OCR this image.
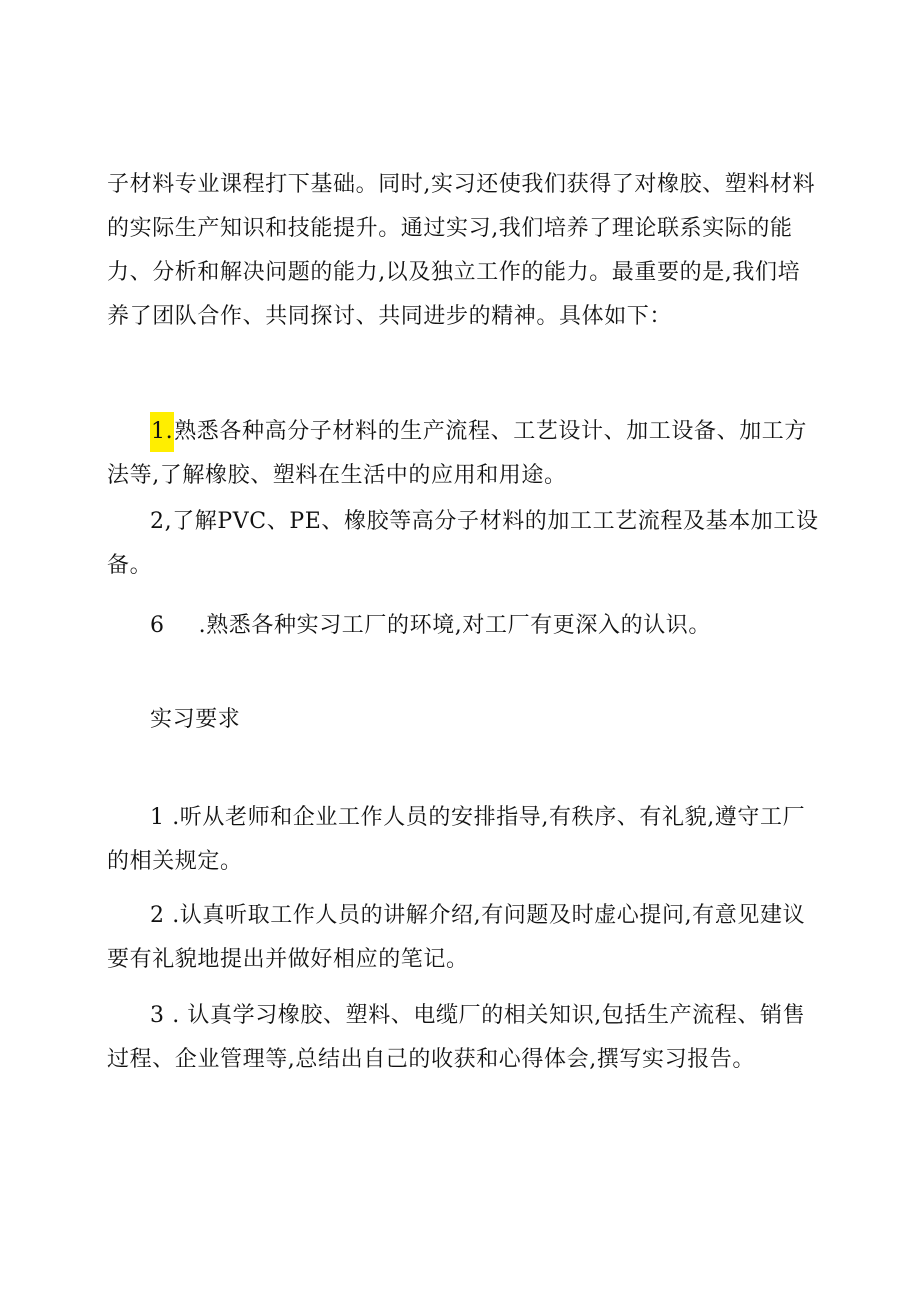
子材料专业课程打下基础。同时,实习还使我们获得了对橡胶、塑料材料的实际生产知识和技能提升。通过实习,我们培养了理论联系实际的能力、分析和解决问题的能力,以及独立工作的能力。最重要的是,我们培养了团队合作、共同探讨、共同进步的精神。具体如下：

1.熟悉各种高分子材料的生产流程、工艺设计、加工设备、加工方法等,了解橡胶、塑料在生活中的应用和用途。

2,了解PVC、PE、橡胶等高分子材料的加工工艺流程及基本加工设备。

6 .熟悉各种实习工厂的环境,对工厂有更深入的认识。

实习要求

1 .听从老师和企业工作人员的安排指导,有秩序、有礼貌,遵守工厂的相关规定。

2 .认真听取工作人员的讲解介绍,有问题及时虚心提问,有意见建议要有礼貌地提出并做好相应的笔记。

3 . 认真学习橡胶、塑料、电缆厂的相关知识,包括生产流程、销售过程、企业管理等,总结出自己的收获和心得体会,撰写实习报告。
